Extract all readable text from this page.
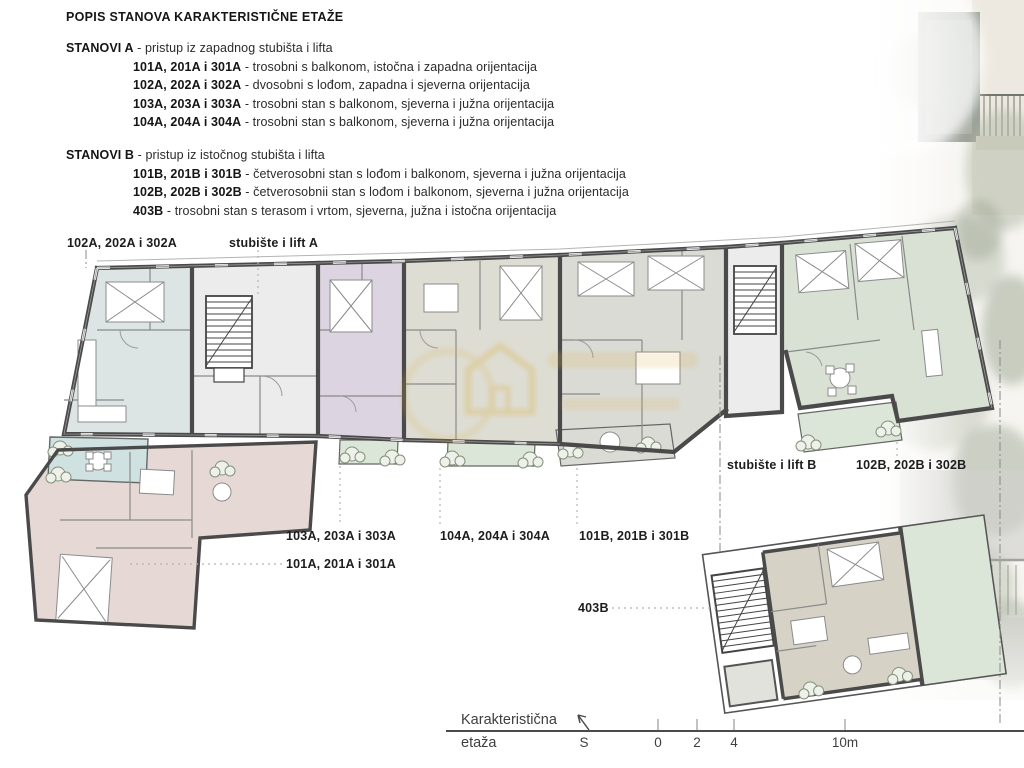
POPIS STANOVA KARAKTERISTIČNE ETAŽE
STANOVI A - pristup iz zapadnog stubišta i lifta
101A, 201A i 301A - trosobni s balkonom, istočna i zapadna orijentacija
102A, 202A i 302A - dvosobni s lođom, zapadna i sjeverna orijentacija
103A, 203A i 303A - trosobni stan s balkonom, sjeverna i južna orijentacija
104A, 204A i 304A - trosobni stan s balkonom, sjeverna i južna orijentacija
STANOVI B - pristup iz istočnog stubišta i lifta
101B, 201B i 301B - četverosobni stan s lođom i balkonom, sjeverna i južna orijentacija
102B, 202B i 302B - četverosobnii stan s lođom i balkonom, sjeverna i južna orijentacija
403B - trosobni stan s terasom i vrtom, sjeverna, južna i istočna orijentacija
102A, 202A i 302A	stubište i lift A
stubište i lift B	102B, 202B i 302B
103A, 203A i 303A	104A, 204A i 304A 101B, 201B i 301B
101A, 201A i 301A
403B
Karakteristična
etaža	S	0 2 4	10m
